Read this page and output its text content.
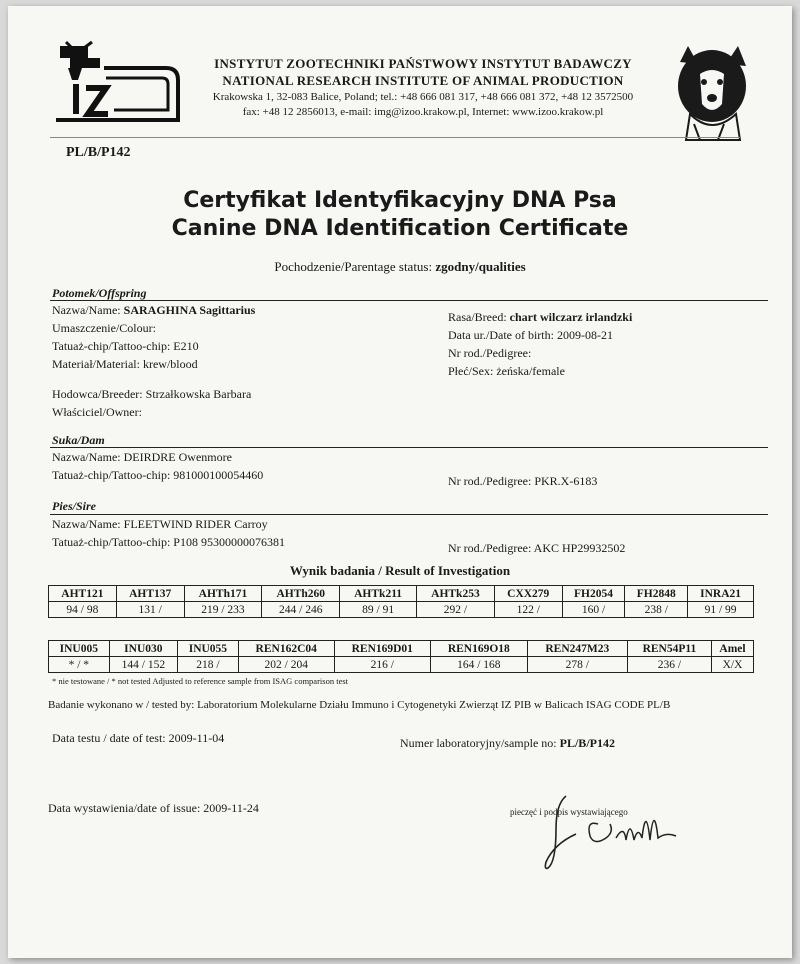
INSTYTUT ZOOTECHNIKI PAŃSTWOWY INSTYTUT BADAWCZY
NATIONAL RESEARCH INSTITUTE OF ANIMAL PRODUCTION
Krakowska 1, 32-083 Balice, Poland; tel.: +48 666 081 317, +48 666 081 372, +48 12 3572500
fax: +48 12 2856013, e-mail: img@izoo.krakow.pl, Internet: www.izoo.krakow.pl
PL/B/P142
Certyfikat Identyfikacyjny DNA Psa
Canine DNA Identification Certificate
Pochodzenie/Parentage status: zgodny/qualities
Potomek/Offspring
Nazwa/Name: SARAGHINA Sagittarius
Umaszczenie/Colour:
Tatuaż-chip/Tattoo-chip: E210
Materiał/Material: krew/blood
Rasa/Breed: chart wilczarz irlandzki
Data ur./Date of birth: 2009-08-21
Nr rod./Pedigree:
Płeć/Sex: żeńska/female
Hodowca/Breeder: Strzałkowska Barbara
Właściciel/Owner:
Suka/Dam
Nazwa/Name: DEIRDRE Owenmore
Tatuaż-chip/Tattoo-chip: 981000100054460	Nr rod./Pedigree: PKR.X-6183
Pies/Sire
Nazwa/Name: FLEETWIND RIDER Carroy
Tatuaż-chip/Tattoo-chip: P108 95300000076381	Nr rod./Pedigree: AKC HP29932502
Wynik badania / Result of Investigation
AHT121	AHT137	AHTh171	AHTh260	AHTk211	AHTk253	CXX279	FH2054	FH2848	INRA21
94 / 98	131 /	219 / 233	244 / 246	89 / 91	292 /	122 /	160 /	238 /	91 / 99
INU005	INU030	INU055	REN162C04	REN169D01	REN169O18	REN247M23	REN54P11	Amel
* / *	144 / 152	218 /	202 / 204	216 /	164 / 168	278 /	236 /	X/X
* nie testowane / * not tested Adjusted to reference sample from ISAG comparison test
Badanie wykonano w / tested by: Laboratorium Molekularne Działu Immuno i Cytogenetyki Zwierząt IZ PIB w Balicach ISAG CODE PL/B
Data testu / date of test: 2009-11-04	Numer laboratoryjny/sample no: PL/B/P142
Data wystawienia/date of issue: 2009-11-24	pieczęć i podpis wystawiającego
